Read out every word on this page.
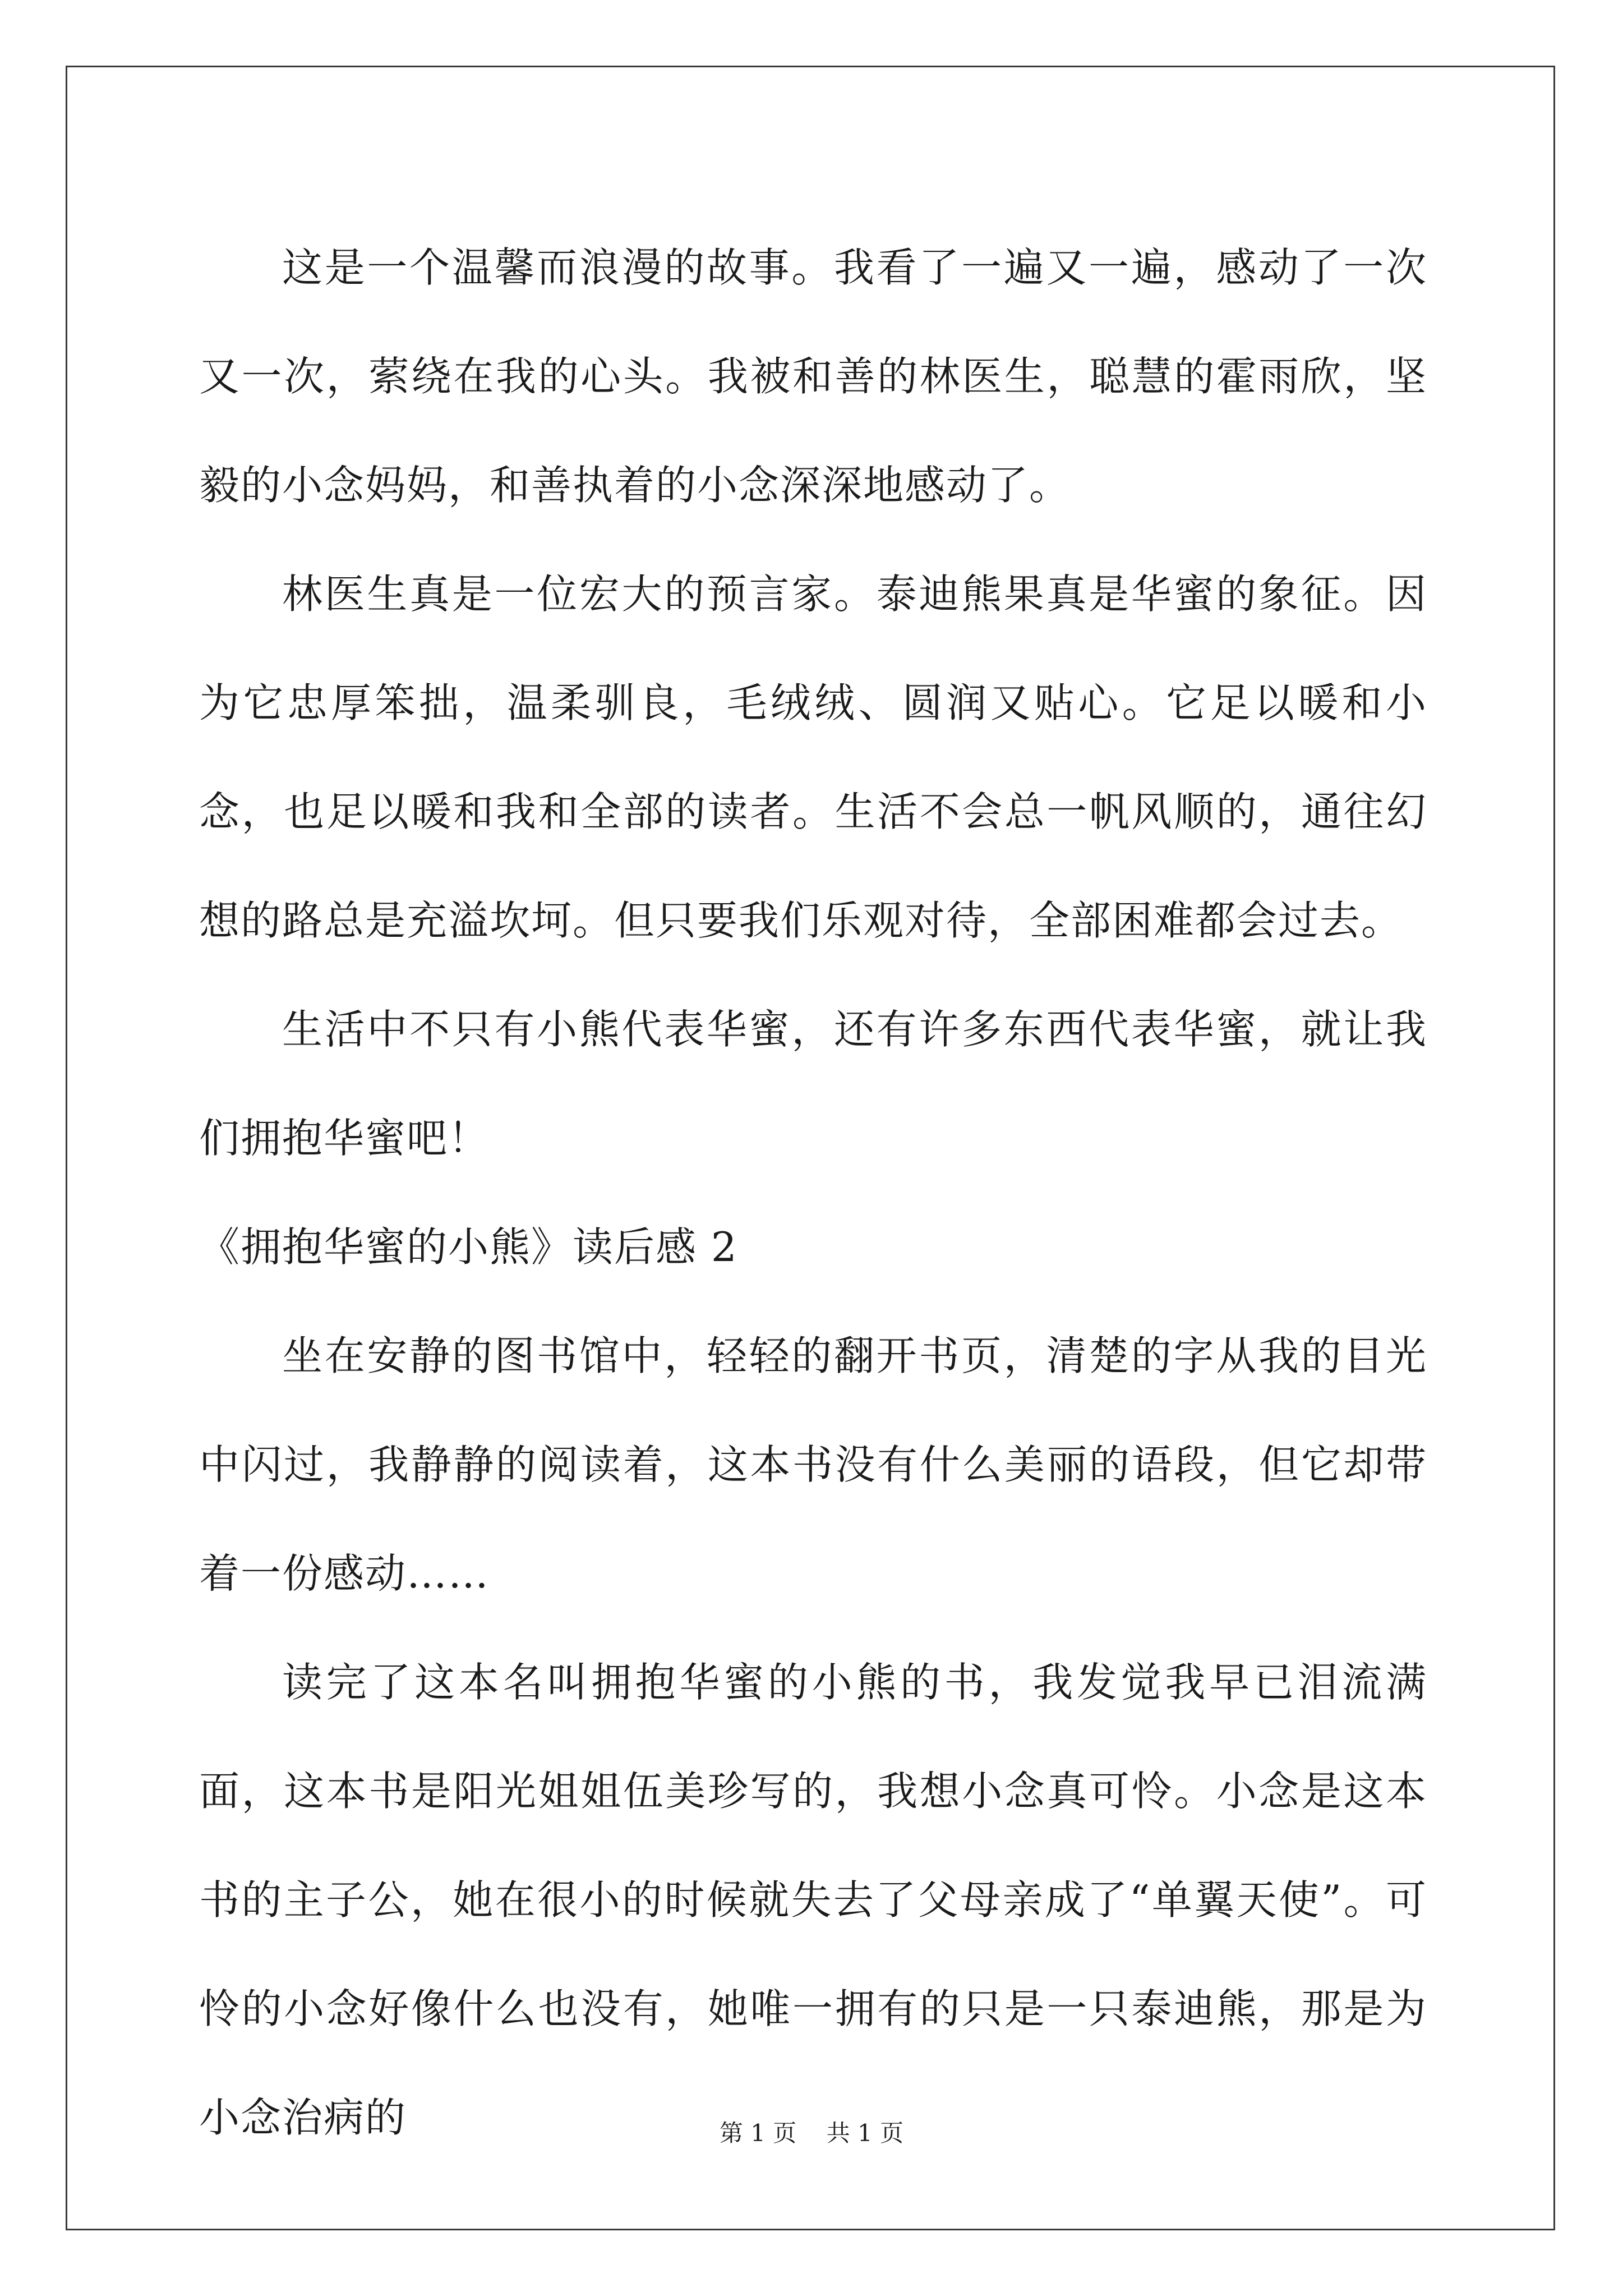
这是一个温馨而浪漫的故事。我看了一遍又一遍，感动了一次又一次，萦绕在我的心头。我被和善的林医生，聪慧的霍雨欣，坚毅的小念妈妈，和善执着的小念深深地感动了。

林医生真是一位宏大的预言家。泰迪熊果真是华蜜的象征。因为它忠厚笨拙，温柔驯良，毛绒绒、圆润又贴心。它足以暖和小念，也足以暖和我和全部的读者。生活不会总一帆风顺的，通往幻想的路总是充溢坎坷。但只要我们乐观对待，全部困难都会过去。

生活中不只有小熊代表华蜜，还有许多东西代表华蜜，就让我们拥抱华蜜吧！

《拥抱华蜜的小熊》读后感 2

坐在安静的图书馆中，轻轻的翻开书页，清楚的字从我的目光中闪过，我静静的阅读着，这本书没有什么美丽的语段，但它却带着一份感动……

读完了这本名叫拥抱华蜜的小熊的书，我发觉我早已泪流满面，这本书是阳光姐姐伍美珍写的，我想小念真可怜。小念是这本书的主子公，她在很小的时候就失去了父母亲成了“单翼天使”。可怜的小念好像什么也没有，她唯一拥有的只是一只泰迪熊，那是为小念治病的	第 1 页 共 1 页
